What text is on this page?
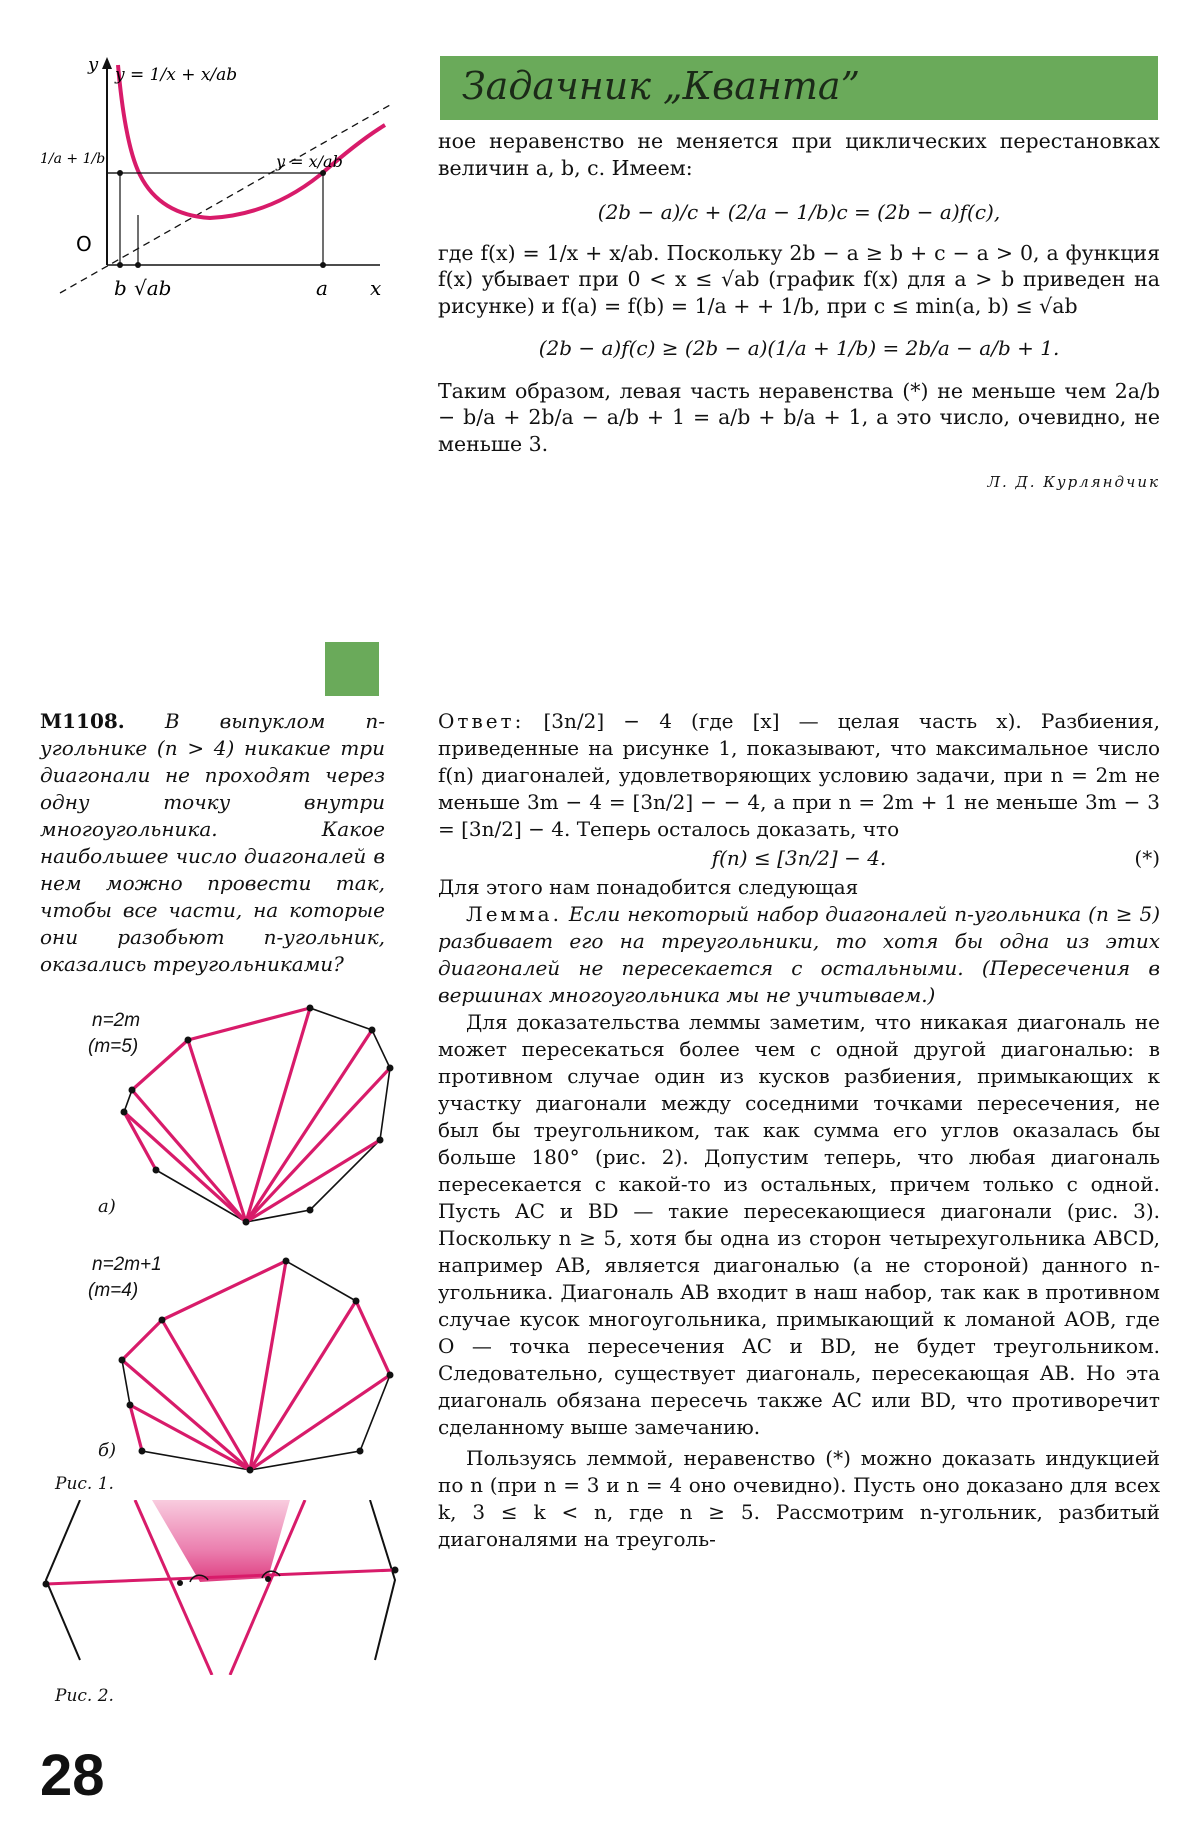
Задачник „Кванта”
y y = 1/x + x/ab
y = x/ab
1/a + 1/b
O
b √ab	a x

ное неравенство не меняется при циклических перестановках величин a, b, c. Имеем:

(2b − a)/c + (2/a − 1/b)c = (2b − a)f(c),

где f(x) = 1/x + x/ab. Поскольку 2b − a ≥ b + c − a > 0, а функция f(x) убывает при 0 < x ≤ √ab (график f(x) для a > b приведен на рисунке) и f(a) = f(b) = 1/a + + 1/b, при c ≤ min(a, b) ≤ √ab

(2b − a)f(c) ≥ (2b − a)(1/a + 1/b) = 2b/a − a/b + 1.

Таким образом, левая часть неравенства (*) не меньше чем 2a/b − b/a + 2b/a − a/b + 1 = a/b + b/a + 1, а это число, очевидно, не меньше 3.

Л. Д. Курляндчик
М1108. В выпуклом n-угольнике (n > 4) никакие три диагонали не проходят через одну точку внутри многоугольника. Какое наибольшее число диагоналей в нем можно провести так, чтобы все части, на которые они разобьют n-угольник, оказались треугольниками?
n=2m
(m=5)
а)
n=2m+1
(m=4)
б)
Рис. 1.
Рис. 2.

Ответ: [3n/2] − 4 (где [x] — целая часть x). Разбиения, приведенные на рисунке 1, показывают, что максимальное число f(n) диагоналей, удовлетворяющих условию задачи, при n = 2m не меньше 3m − 4 = [3n/2] − − 4, а при n = 2m + 1 не меньше 3m − 3 = [3n/2] − 4. Теперь осталось доказать, что

f(n) ≤ [3n/2] − 4.	(*)

Для этого нам понадобится следующая

Лемма. Если некоторый набор диагоналей n-угольника (n ≥ 5) разбивает его на треугольники, то хотя бы одна из этих диагоналей не пересекается с остальными. (Пересечения в вершинах многоугольника мы не учитываем.)

Для доказательства леммы заметим, что никакая диагональ не может пересекаться более чем с одной другой диагональю: в противном случае один из кусков разбиения, примыкающих к участку диагонали между соседними точками пересечения, не был бы треугольником, так как сумма его углов оказалась бы больше 180° (рис. 2). Допустим теперь, что любая диагональ пересекается с какой-то из остальных, причем только с одной. Пусть AC и BD — такие пересекающиеся диагонали (рис. 3). Поскольку n ≥ 5, хотя бы одна из сторон четырехугольника ABCD, например AB, является диагональю (а не стороной) данного n-угольника. Диагональ AB входит в наш набор, так как в противном случае кусок многоугольника, примыкающий к ломаной AOB, где O — точка пересечения AC и BD, не будет треугольником. Следовательно, существует диагональ, пересекающая AB. Но эта диагональ обязана пересечь также AC или BD, что противоречит сделанному выше замечанию.

Пользуясь леммой, неравенство (*) можно доказать индукцией по n (при n = 3 и n = 4 оно очевидно). Пусть оно доказано для всех k, 3 ≤ k < n, где n ≥ 5. Рассмотрим n-угольник, разбитый диагоналями на треуголь-

28
